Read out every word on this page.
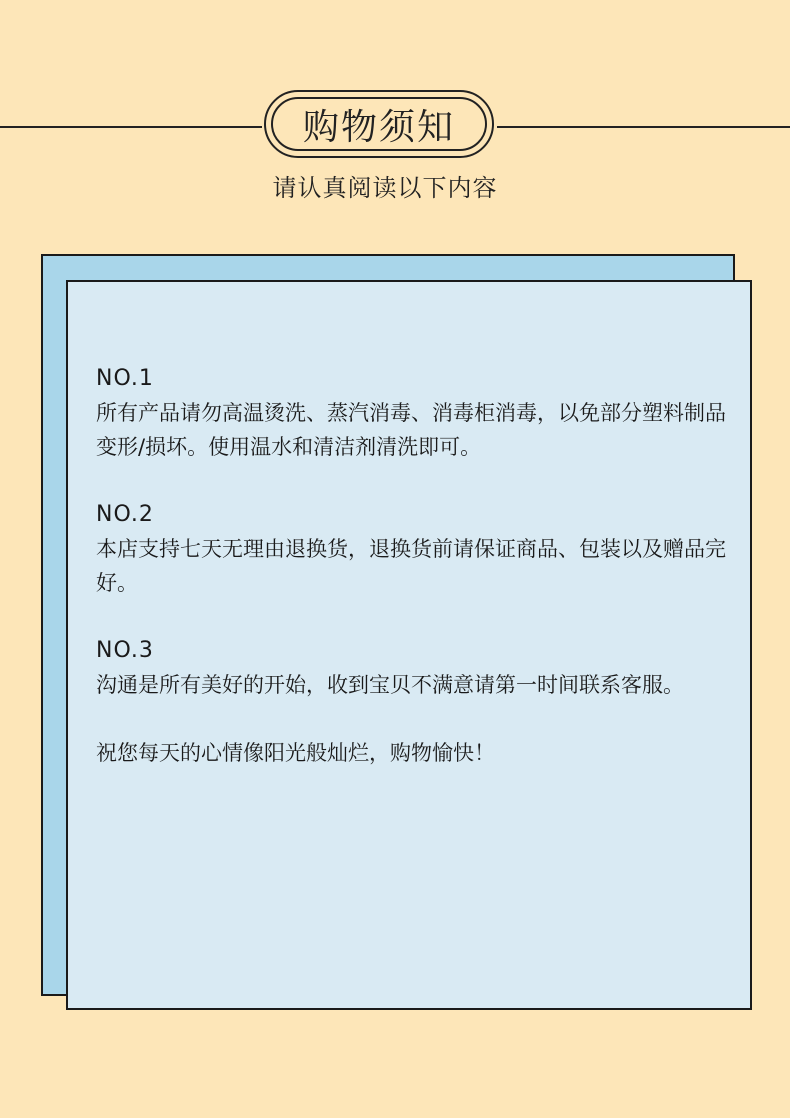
购物须知
请认真阅读以下内容
NO.1
所有产品请勿高温烫洗、蒸汽消毒、消毒柜消毒，以免部分塑料制品变形/损坏。使用温水和清洁剂清洗即可。
NO.2
本店支持七天无理由退换货，退换货前请保证商品、包装以及赠品完好。
NO.3
沟通是所有美好的开始，收到宝贝不满意请第一时间联系客服。
祝您每天的心情像阳光般灿烂，购物愉快！
